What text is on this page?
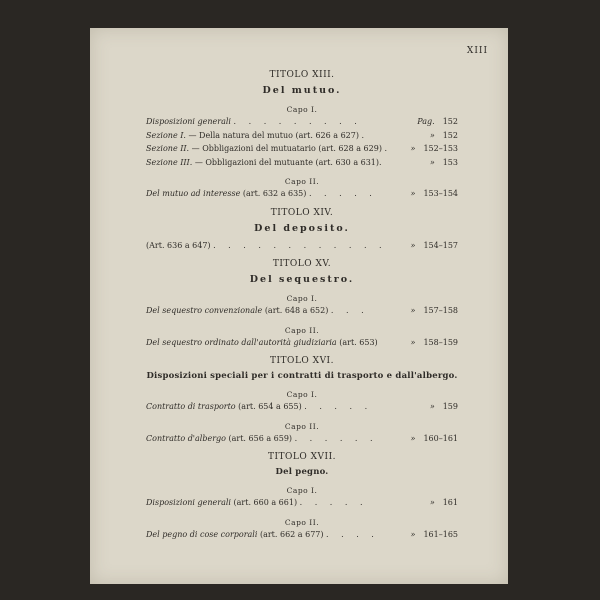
XIII
TITOLO XIII.
Del mutuo.
Capo I.
Disposizioni generali . . . . . . . . .	Pag. 152
Sezione I. — Della natura del mutuo (art. 626 a 627) .	» 152
Sezione II. — Obbligazioni del mutuatario (art. 628 a 629) .	» 152–153
Sezione III. — Obbligazioni del mutuante (art. 630 a 631).	» 153
Capo II.
Del mutuo ad interesse (art. 632 a 635) . . . . .	» 153–154
TITOLO XIV.
Del deposito.
(Art. 636 a 647) . . . . . . . . . . . .	» 154–157
TITOLO XV.
Del sequestro.
Capo I.
Del sequestro convenzionale (art. 648 a 652) . . .	» 157–158
Capo II.
Del sequestro ordinato dall'autorità giudiziaria (art. 653)	» 158–159
TITOLO XVI.
Disposizioni speciali per i contratti di trasporto e dall'albergo.
Capo I.
Contratto di trasporto (art. 654 a 655) . . . . .	» 159
Capo II.
Contratto d'albergo (art. 656 a 659) . . . . . .	» 160–161
TITOLO XVII.
Del pegno.
Capo I.
Disposizioni generali (art. 660 a 661) . . . . .	» 161
Capo II.
Del pegno di cose corporali (art. 662 a 677) . . . .	» 161–165
